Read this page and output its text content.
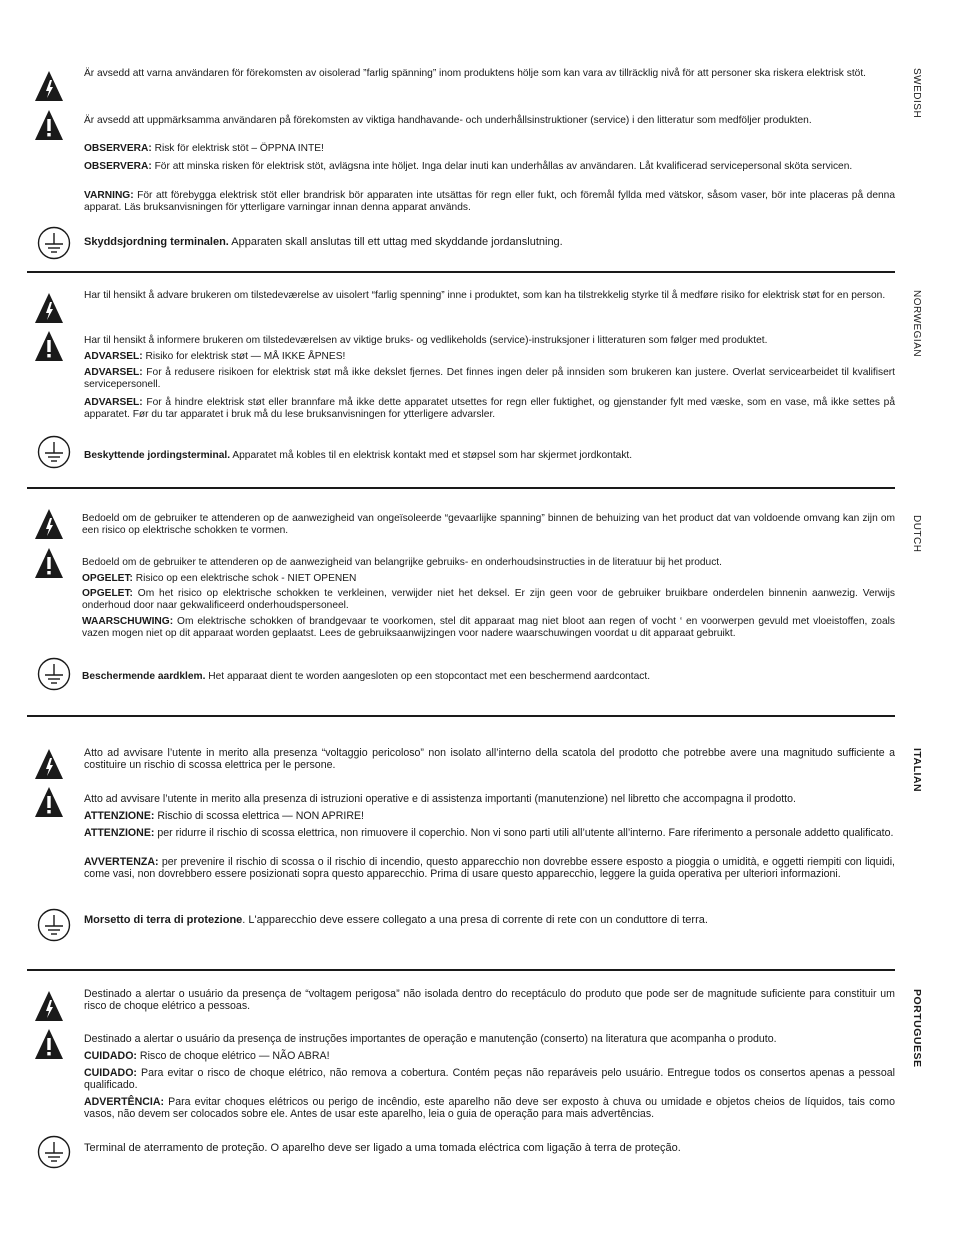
SWEDISH
Är avsedd att varna användaren för förekomsten av oisolerad ”farlig spänning” inom produktens hölje som kan vara av tillräcklig nivå för att personer ska riskera elektrisk stöt.
Är avsedd att uppmärksamma användaren på förekomsten av viktiga handhavande- och underhållsinstruktioner (service) i den litteratur som medföljer produkten.
OBSERVERA: Risk för elektrisk stöt – ÖPPNA INTE!
OBSERVERA: För att minska risken för elektrisk stöt, avlägsna inte höljet. Inga delar inuti kan underhållas av användaren. Låt kvalificerad servicepersonal sköta servicen.
VARNING: För att förebygga elektrisk stöt eller brandrisk bör apparaten inte utsättas för regn eller fukt, och föremål fyllda med vätskor, såsom vaser, bör inte placeras på denna apparat. Läs bruksanvisningen för ytterligare varningar innan denna apparat används.
Skyddsjordning terminalen. Apparaten skall anslutas till ett uttag med skyddande jordanslutning.
NORWEGIAN
Har til hensikt å advare brukeren om tilstedeværelse av uisolert “farlig spenning” inne i produktet, som kan ha tilstrekkelig styrke til å medføre risiko for elektrisk støt for en person.
Har til hensikt å informere brukeren om tilstedeværelsen av viktige bruks- og vedlikeholds (service)-instruksjoner i litteraturen som følger med produktet.
ADVARSEL: Risiko for elektrisk støt — MÅ IKKE ÅPNES!
ADVARSEL: For å redusere risikoen for elektrisk støt må ikke dekslet fjernes. Det finnes ingen deler på innsiden som brukeren kan justere. Overlat servicearbeidet til kvalifisert servicepersonell.
ADVARSEL: For å hindre elektrisk støt eller brannfare må ikke dette apparatet utsettes for regn eller fuktighet, og gjenstander fylt med væske, som en vase, må ikke settes på apparatet. Før du tar apparatet i bruk må du lese bruksanvisningen for ytterligere advarsler.
Beskyttende jordingsterminal. Apparatet må kobles til en elektrisk kontakt med et støpsel som har skjermet jordkontakt.
DUTCH
Bedoeld om de gebruiker te attenderen op de aanwezigheid van ongeïsoleerde “gevaarlijke spanning” binnen de behuizing van het product dat van voldoende omvang kan zijn om een risico op elektrische schokken te vormen.
Bedoeld om de gebruiker te attenderen op de aanwezigheid van belangrijke gebruiks- en onderhoudsinstructies in de literatuur bij het product.
OPGELET: Risico op een elektrische schok - NIET OPENEN
OPGELET: Om het risico op elektrische schokken te verkleinen, verwijder niet het deksel. Er zijn geen voor de gebruiker bruikbare onderdelen binnenin aanwezig. Verwijs onderhoud door naar gekwalificeerd onderhoudspersoneel.
WAARSCHUWING: Om elektrische schokken of brandgevaar te voorkomen, stel dit apparaat mag niet bloot aan regen of vocht ‘ en voorwerpen gevuld met vloeistoffen, zoals vazen mogen niet op dit apparaat worden geplaatst. Lees de gebruiksaanwijzingen voor nadere waarschuwingen voordat u dit apparaat gebruikt.
Beschermende aardklem. Het apparaat dient te worden aangesloten op een stopcontact met een beschermend aardcontact.
ITALIAN
Atto ad avvisare l’utente in merito alla presenza “voltaggio pericoloso” non isolato all’interno della scatola del prodotto che potrebbe avere una magnitudo sufficiente a costituire un rischio di scossa elettrica per le persone.
Atto ad avvisare l’utente in merito alla presenza di istruzioni operative e di assistenza importanti (manutenzione) nel libretto che accompagna il prodotto.
ATTENZIONE: Rischio di scossa elettrica — NON APRIRE!
ATTENZIONE: per ridurre il rischio di scossa elettrica, non rimuovere il coperchio. Non vi sono parti utili all’utente all’interno. Fare riferimento a personale addetto qualificato.
AVVERTENZA: per prevenire il rischio di scossa o il rischio di incendio, questo apparecchio non dovrebbe essere esposto a pioggia o umidità, e oggetti riempiti con liquidi, come vasi, non dovrebbero essere posizionati sopra questo apparecchio. Prima di usare questo apparecchio, leggere la guida operativa per ulteriori informazioni.
Morsetto di terra di protezione. L'apparecchio deve essere collegato a una presa di corrente di rete con un conduttore di terra.
PORTUGUESE
Destinado a alertar o usuário da presença de “voltagem perigosa” não isolada dentro do receptáculo do produto que pode ser de magnitude suficiente para constituir um risco de choque elétrico a pessoas.
Destinado a alertar o usuário da presença de instruções importantes de operação e manutenção (conserto) na literatura que acompanha o produto.
CUIDADO: Risco de choque elétrico — NÃO ABRA!
CUIDADO: Para evitar o risco de choque elétrico, não remova a cobertura. Contém peças não reparáveis pelo usuário. Entregue todos os consertos apenas a pessoal qualificado.
ADVERTÊNCIA: Para evitar choques elétricos ou perigo de incêndio, este aparelho não deve ser exposto à chuva ou umidade e objetos cheios de líquidos, tais como vasos, não devem ser colocados sobre ele. Antes de usar este aparelho, leia o guia de operação para mais advertências.
Terminal de aterramento de proteção. O aparelho deve ser ligado a uma tomada eléctrica com ligação à terra de proteção.
